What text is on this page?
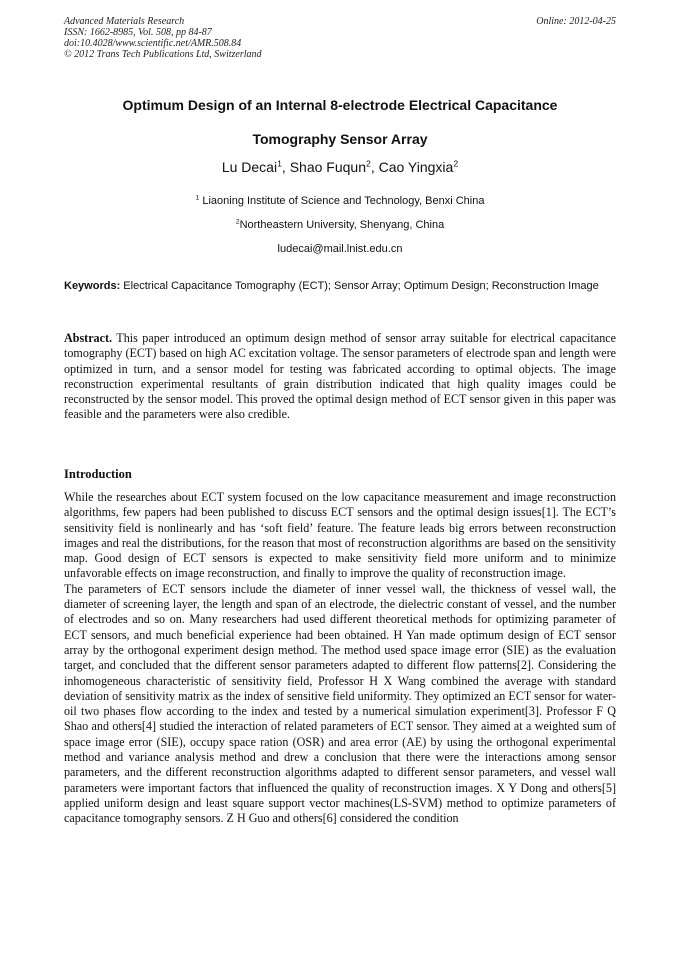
Advanced Materials Research
ISSN: 1662-8985, Vol. 508, pp 84-87
doi:10.4028/www.scientific.net/AMR.508.84
© 2012 Trans Tech Publications Ltd, Switzerland
Online: 2012-04-25
Optimum Design of an Internal 8-electrode Electrical Capacitance
Tomography Sensor Array
Lu Decai$^1$, Shao Fuqun$^2$, Cao Yingxia$^2$
$^1$ Liaoning Institute of Science and Technology, Benxi China
$^2$Northeastern University, Shenyang, China
ludecai@mail.lnist.edu.cn
Keywords: Electrical Capacitance Tomography (ECT); Sensor Array; Optimum Design; Reconstruction Image
Abstract. This paper introduced an optimum design method of sensor array suitable for electrical capacitance tomography (ECT) based on high AC excitation voltage. The sensor parameters of electrode span and length were optimized in turn, and a sensor model for testing was fabricated according to optimal objects. The image reconstruction experimental resultants of grain distribution indicated that high quality images could be reconstructed by the sensor model. This proved the optimal design method of ECT sensor given in this paper was feasible and the parameters were also credible.
Introduction

While the researches about ECT system focused on the low capacitance measurement and image reconstruction algorithms, few papers had been published to discuss ECT sensors and the optimal design issues[1]. The ECT’s sensitivity field is nonlinearly and has ‘soft field’ feature. The feature leads big errors between reconstruction images and real the distributions, for the reason that most of reconstruction algorithms are based on the sensitivity map. Good design of ECT sensors is expected to make sensitivity field more uniform and to minimize unfavorable effects on image reconstruction, and finally to improve the quality of reconstruction image.

The parameters of ECT sensors include the diameter of inner vessel wall, the thickness of vessel wall, the diameter of screening layer, the length and span of an electrode, the dielectric constant of vessel, and the number of electrodes and so on. Many researchers had used different theoretical methods for optimizing parameter of ECT sensors, and much beneficial experience had been obtained. H Yan made optimum design of ECT sensor array by the orthogonal experiment design method. The method used space image error (SIE) as the evaluation target, and concluded that the different sensor parameters adapted to different flow patterns[2]. Considering the inhomogeneous characteristic of sensitivity field, Professor H X Wang combined the average with standard deviation of sensitivity matrix as the index of sensitive field uniformity. They optimized an ECT sensor for water-oil two phases flow according to the index and tested by a numerical simulation experiment[3]. Professor F Q Shao and others[4] studied the interaction of related parameters of ECT sensor. They aimed at a weighted sum of space image error (SIE), occupy space ration (OSR) and area error (AE) by using the orthogonal experimental method and variance analysis method and drew a conclusion that there were the interactions among sensor parameters, and the different reconstruction algorithms adapted to different sensor parameters, and vessel wall parameters were important factors that influenced the quality of reconstruction images. X Y Dong and others[5] applied uniform design and least square support vector machines(LS-SVM) method to optimize parameters of capacitance tomography sensors. Z H Guo and others[6] considered the condition
